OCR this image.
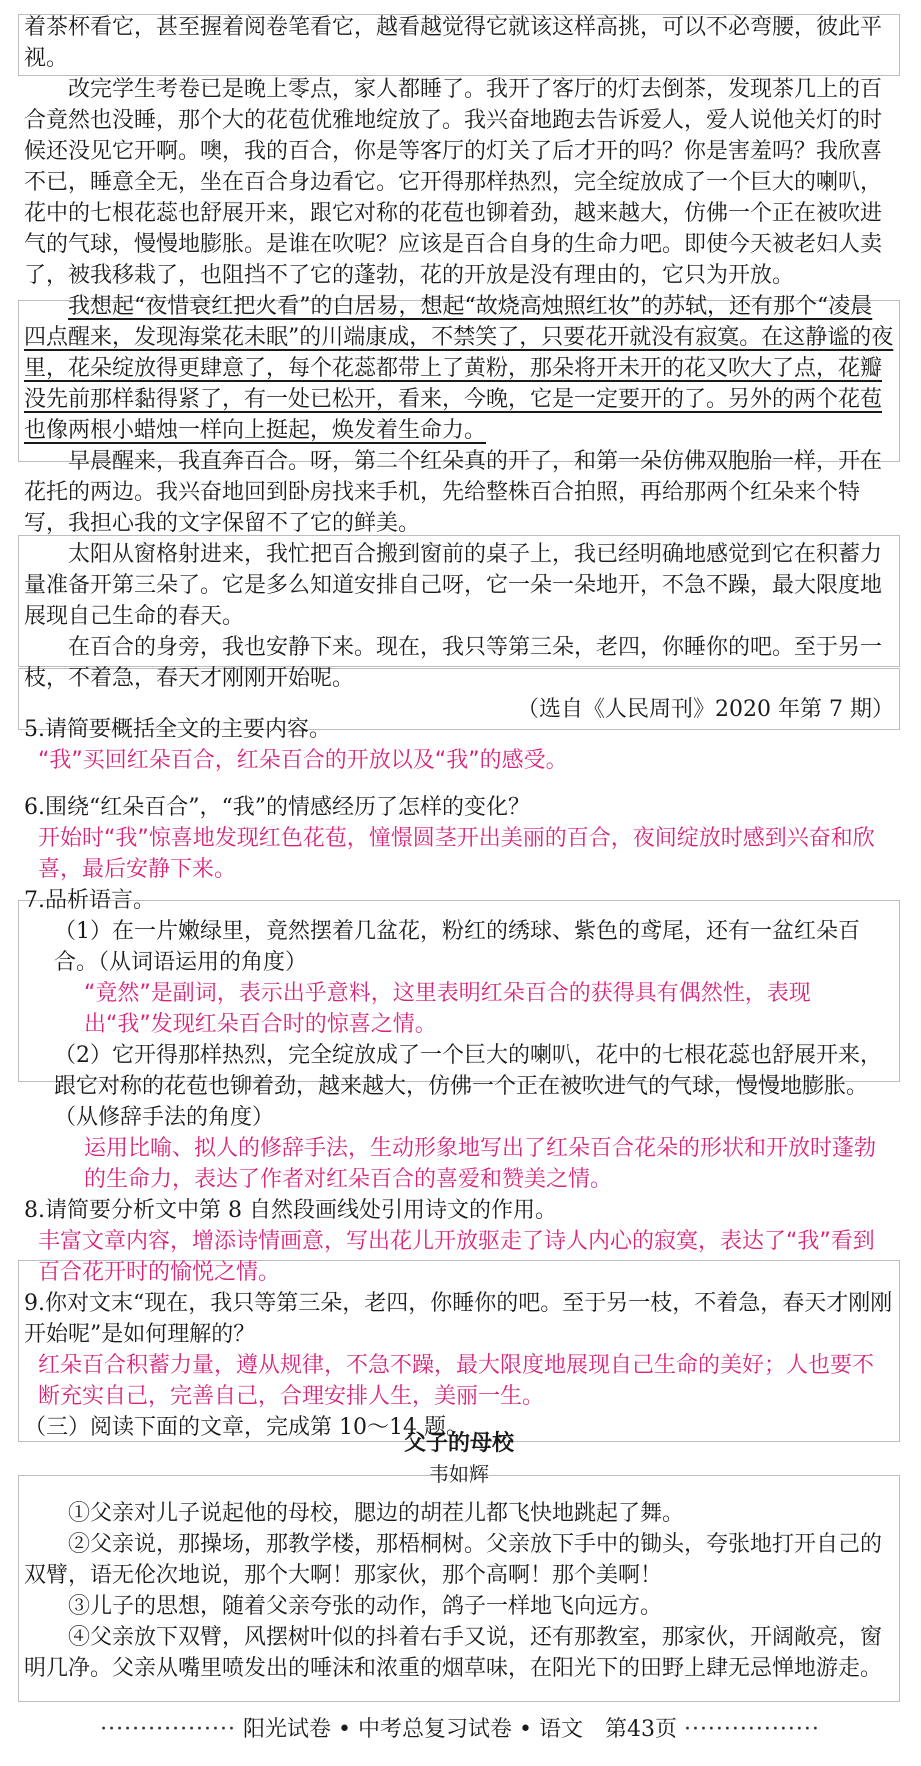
着茶杯看它，甚至握着阅卷笔看它，越看越觉得它就该这样高挑，可以不必弯腰，彼此平视。

改完学生考卷已是晚上零点，家人都睡了。我开了客厅的灯去倒茶，发现茶几上的百合竟然也没睡，那个大的花苞优雅地绽放了。我兴奋地跑去告诉爱人，爱人说他关灯的时候还没见它开啊。噢，我的百合，你是等客厅的灯关了后才开的吗？你是害羞吗？我欣喜不已，睡意全无，坐在百合身边看它。它开得那样热烈，完全绽放成了一个巨大的喇叭，花中的七根花蕊也舒展开来，跟它对称的花苞也铆着劲，越来越大，仿佛一个正在被吹进气的气球，慢慢地膨胀。是谁在吹呢？应该是百合自身的生命力吧。即使今天被老妇人卖了，被我移栽了，也阻挡不了它的蓬勃，花的开放是没有理由的，它只为开放。

我想起“夜惜衰红把火看”的白居易，想起“故烧高烛照红妆”的苏轼，还有那个“凌晨四点醒来，发现海棠花未眠”的川端康成，不禁笑了，只要花开就没有寂寞。在这静谧的夜里，花朵绽放得更肆意了，每个花蕊都带上了黄粉，那朵将开未开的花又吹大了点，花瓣没先前那样黏得紧了，有一处已松开，看来，今晚，它是一定要开的了。另外的两个花苞也像两根小蜡烛一样向上挺起，焕发着生命力。

早晨醒来，我直奔百合。呀，第二个红朵真的开了，和第一朵仿佛双胞胎一样，开在花托的两边。我兴奋地回到卧房找来手机，先给整株百合拍照，再给那两个红朵来个特写，我担心我的文字保留不了它的鲜美。

太阳从窗格射进来，我忙把百合搬到窗前的桌子上，我已经明确地感觉到它在积蓄力量准备开第三朵了。它是多么知道安排自己呀，它一朵一朵地开，不急不躁，最大限度地展现自己生命的春天。

在百合的身旁，我也安静下来。现在，我只等第三朵，老四，你睡你的吧。至于另一枝，不着急，春天才刚刚开始呢。

（选自《人民周刊》2020 年第 7 期）

5.请简要概括全文的主要内容。

“我”买回红朵百合，红朵百合的开放以及“我”的感受。

6.围绕“红朵百合”，“我”的情感经历了怎样的变化？

开始时“我”惊喜地发现红色花苞，憧憬圆茎开出美丽的百合，夜间绽放时感到兴奋和欣喜，最后安静下来。

7.品析语言。

（1）在一片嫩绿里，竟然摆着几盆花，粉红的绣球、紫色的鸢尾，还有一盆红朵百合。（从词语运用的角度）

“竟然”是副词，表示出乎意料，这里表明红朵百合的获得具有偶然性，表现出“我”发现红朵百合时的惊喜之情。

（2）它开得那样热烈，完全绽放成了一个巨大的喇叭，花中的七根花蕊也舒展开来，跟它对称的花苞也铆着劲，越来越大，仿佛一个正在被吹进气的气球，慢慢地膨胀。（从修辞手法的角度）

运用比喻、拟人的修辞手法，生动形象地写出了红朵百合花朵的形状和开放时蓬勃的生命力，表达了作者对红朵百合的喜爱和赞美之情。

8.请简要分析文中第 8 自然段画线处引用诗文的作用。

丰富文章内容，增添诗情画意，写出花儿开放驱走了诗人内心的寂寞，表达了“我”看到百合花开时的愉悦之情。

9.你对文末“现在，我只等第三朵，老四，你睡你的吧。至于另一枝，不着急，春天才刚刚开始呢”是如何理解的？

红朵百合积蓄力量，遵从规律，不急不躁，最大限度地展现自己生命的美好；人也要不断充实自己，完善自己，合理安排人生，美丽一生。

（三）阅读下面的文章，完成第 10～14 题。

父子的母校

韦如辉

①父亲对儿子说起他的母校，腮边的胡茬儿都飞快地跳起了舞。

②父亲说，那操场，那教学楼，那梧桐树。父亲放下手中的锄头，夸张地打开自己的双臂，语无伦次地说，那个大啊！那家伙，那个高啊！那个美啊！

③儿子的思想，随着父亲夸张的动作，鸽子一样地飞向远方。

④父亲放下双臂，风摆树叶似的抖着右手又说，还有那教室，那家伙，开阔敞亮，窗明几净。父亲从嘴里喷发出的唾沫和浓重的烟草味，在阳光下的田野上肆无忌惮地游走。

················· 阳光试卷 • 中考总复习试卷 • 语文　第43页 ·················
